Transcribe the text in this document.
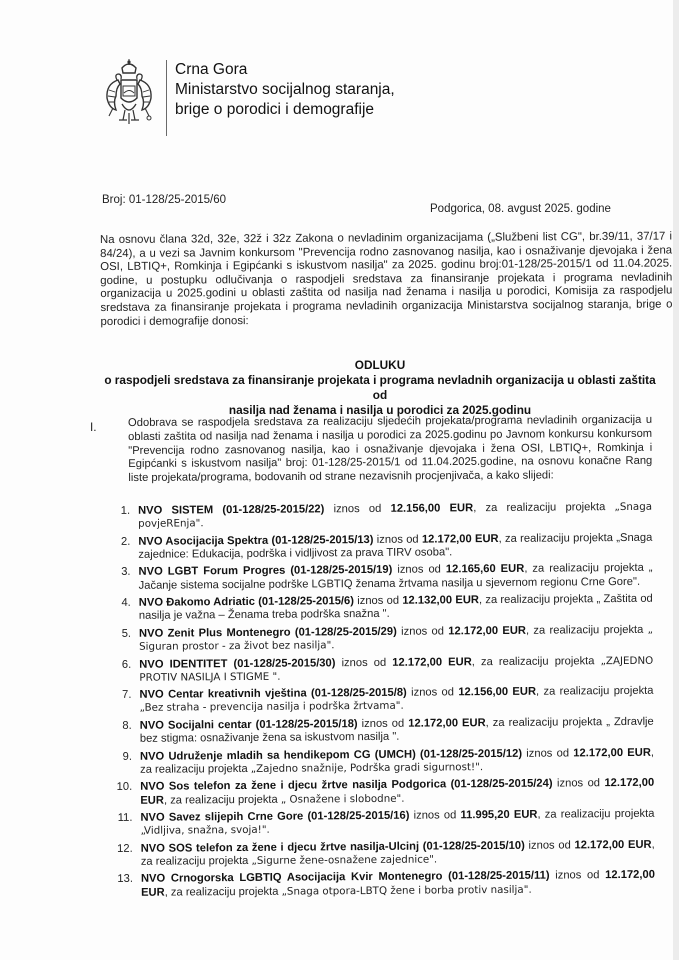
Crna Gora
Ministarstvo socijalnog staranja,
brige o porodici i demografije
Broj: 01-128/25-2015/60
Podgorica, 08. avgust 2025. godine
Na osnovu člana 32d, 32e, 32ž i 32z Zakona o nevladinim organizacijama („Službeni list CG", br.39/11, 37/17 i 84/24), a u vezi sa Javnim konkursom "Prevencija rodno zasnovanog nasilja, kao i osnaživanje djevojaka i žena OSI, LBTIQ+, Romkinja i Egipćanki s iskustvom nasilja" za 2025. godinu broj:01-128/25-2015/1 od 11.04.2025. godine, u postupku odlučivanja o raspodjeli sredstava za finansiranje projekata i programa nevladinih organizacija u 2025.godini u oblasti zaštita od nasilja nad ženama i nasilja u porodici, Komisija za raspodjelu sredstava za finansiranje projekata i programa nevladinih organizacija Ministarstva socijalnog staranja, brige o porodici i demografije donosi:
ODLUKU
o raspodjeli sredstava za finansiranje projekata i programa nevladnih organizacija u oblasti zaštita od
nasilja nad ženama i nasilja u porodici za 2025.godinu
I.	Odobrava se raspodjela sredstava za realizaciju sljedećih projekata/programa nevladinih organizacija u oblasti zaštita od nasilja nad ženama i nasilja u porodici za 2025.godinu po Javnom konkursu konkursom "Prevencija rodno zasnovanog nasilja, kao i osnaživanje djevojaka i žena OSI, LBTIQ+, Romkinja i Egipćanki s iskustvom nasilja" broj: 01-128/25-2015/1 od 11.04.2025.godine, na osnovu konačne Rang liste projekata/programa, bodovanih od strane nezavisnih procjenjivača, a kako slijedi:
1. NVO SISTEM (01-128/25-2015/22) iznos od 12.156,00 EUR, za realizaciju projekta „Snaga povjeREnja".
2. NVO Asocijacija Spektra (01-128/25-2015/13) iznos od 12.172,00 EUR, za realizaciju projekta „Snaga zajednice: Edukacija, podrška i vidljivost za prava TIRV osoba".
3. NVO LGBT Forum Progres (01-128/25-2015/19) iznos od 12.165,60 EUR, za realizaciju projekta „ Jačanje sistema socijalne podrške LGBTIQ ženama žrtvama nasilja u sjevernom regionu Crne Gore".
4. NVO Đakomo Adriatic (01-128/25-2015/6) iznos od 12.132,00 EUR, za realizaciju projekta „ Zaštita od nasilja je važna – Ženama treba podrška snažna ".
5. NVO Zenit Plus Montenegro (01-128/25-2015/29) iznos od 12.172,00 EUR, za realizaciju projekta „ Siguran prostor - za život bez nasilja".
6. NVO IDENTITET (01-128/25-2015/30) iznos od 12.172,00 EUR, za realizaciju projekta „ZAJEDNO PROTIV NASILJA I STIGME ".
7. NVO Centar kreativnih vještina (01-128/25-2015/8) iznos od 12.156,00 EUR, za realizaciju projekta „Bez straha - prevencija nasilja i podrška žrtvama".
8. NVO Socijalni centar (01-128/25-2015/18) iznos od 12.172,00 EUR, za realizaciju projekta „ Zdravlje bez stigma: osnaživanje žena sa iskustvom nasilja ".
9. NVO Udruženje mladih sa hendikepom CG (UMCH) (01-128/25-2015/12) iznos od 12.172,00 EUR, za realizaciju projekta „Zajedno snažnije, Podrška gradi sigurnost!".
10. NVO Sos telefon za žene i djecu žrtve nasilja Podgorica (01-128/25-2015/24) iznos od 12.172,00 EUR, za realizaciju projekta „ Osnažene i slobodne".
11. NVO Savez slijepih Crne Gore (01-128/25-2015/16) iznos od 11.995,20 EUR, za realizaciju projekta „Vidljiva, snažna, svoja!".
12. NVO SOS telefon za žene i djecu žrtve nasilja-Ulcinj (01-128/25-2015/10) iznos od 12.172,00 EUR, za realizaciju projekta „Sigurne žene-osnažene zajednice".
13. NVO Crnogorska LGBTIQ Asocijacija Kvir Montenegro (01-128/25-2015/11) iznos od 12.172,00 EUR, za realizaciju projekta „Snaga otpora-LBTQ žene i borba protiv nasilja".
